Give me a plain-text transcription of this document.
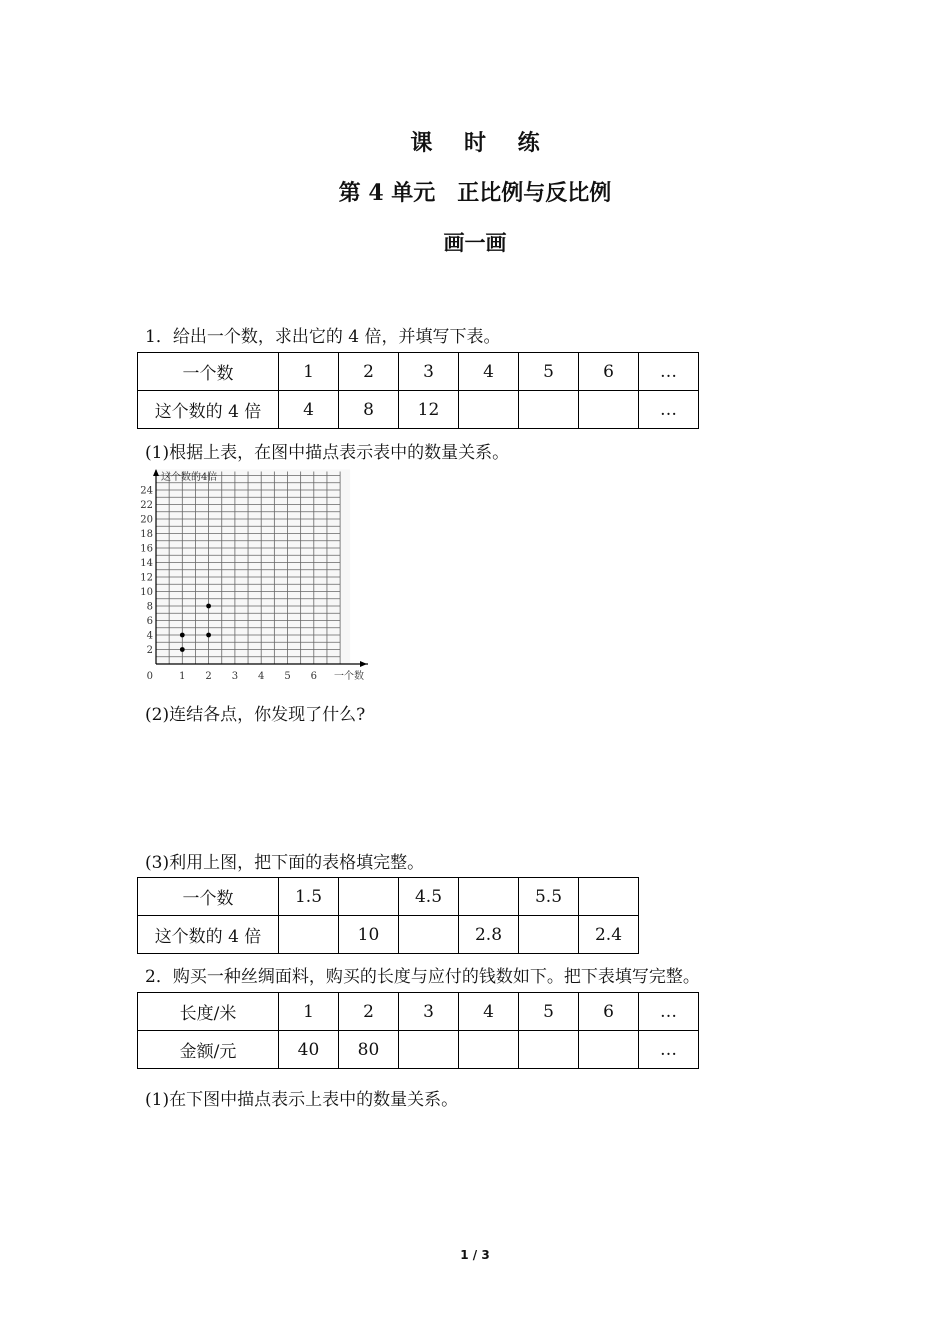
课 时 练
第 4 单元　正比例与反比例
画一画
1．给出一个数，求出它的 4 倍，并填写下表。
一个数	1	2	3	4	5	6	…
这个数的 4 倍	4	8	12				…
(1)根据上表，在图中描点表示表中的数量关系。
这个数的4倍
一个数
0	1 2 3 4 5 6
2
4
6
8
10
12
14
16
18
20
22
24
(2)连结各点，你发现了什么?
(3)利用上图，把下面的表格填完整。
一个数	1.5		4.5		5.5	
这个数的 4 倍		10		2.8		2.4
2．购买一种丝绸面料，购买的长度与应付的钱数如下。把下表填写完整。
长度/米	1	2	3	4	5	6	…
金额/元	40	80					…
(1)在下图中描点表示上表中的数量关系。
1 / 3
